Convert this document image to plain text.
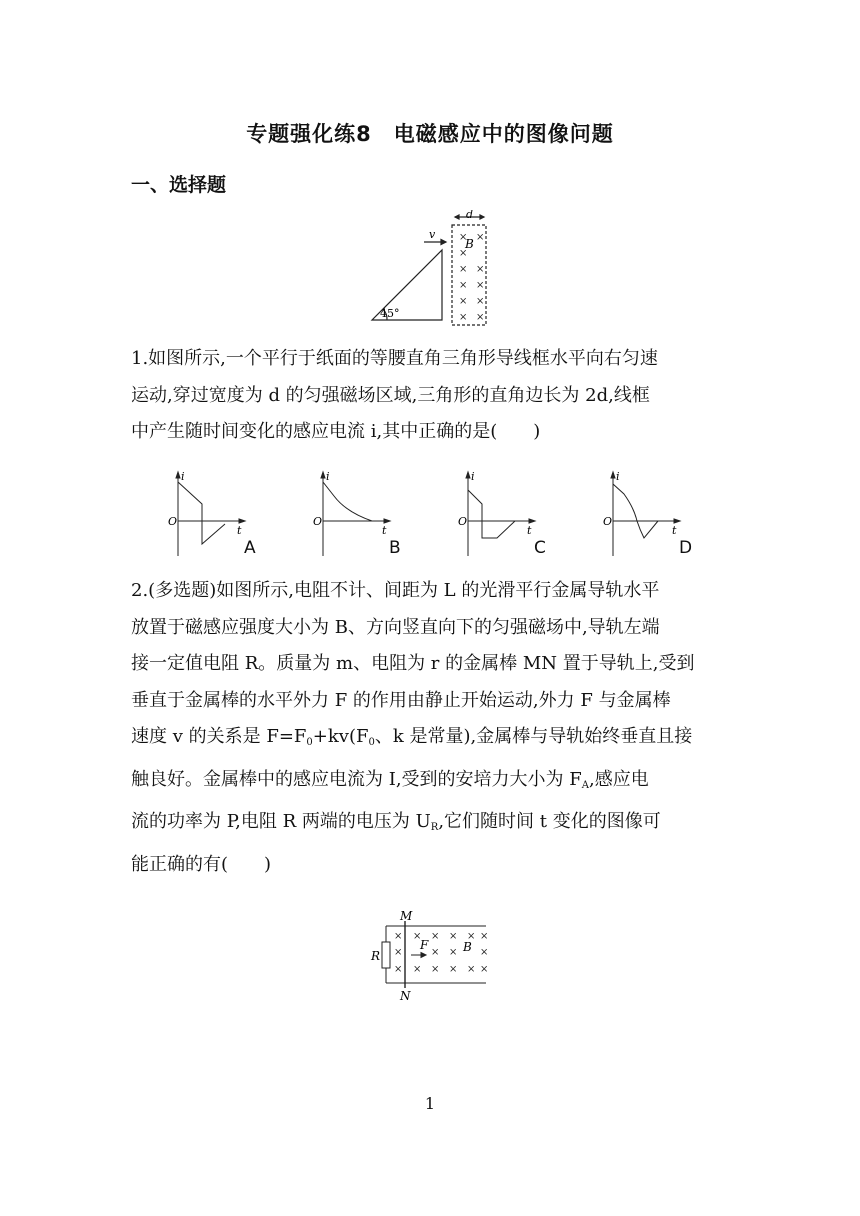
专题强化练8　电磁感应中的图像问题
一、选择题
× ×
×
× ×
× ×
× ×
× ×
v
d
B
45°

1.如图所示,一个平行于纸面的等腰直角三角形导线框水平向右匀速

运动,穿过宽度为 d 的匀强磁场区域,三角形的直角边长为 2d,线框

中产生随时间变化的感应电流 i,其中正确的是(　　)

i
t
O
A
i
t
O
B
i
t
O
C
i
t
O
D

2.(多选题)如图所示,电阻不计、间距为 L 的光滑平行金属导轨水平

放置于磁感应强度大小为 B、方向竖直向下的匀强磁场中,导轨左端

接一定值电阻 R。质量为 m、电阻为 r 的金属棒 MN 置于导轨上,受到

垂直于金属棒的水平外力 F 的作用由静止开始运动,外力 F 与金属棒

速度 v 的关系是 $F=F_0+kv(F_0$、k 是常量),金属棒与导轨始终垂直且接

触良好。金属棒中的感应电流为 I,受到的安培力大小为 $F_A$,感应电

流的功率为 P,电阻 R 两端的电压为 $U_R$,它们随时间 t 变化的图像可

能正确的有(　　)

× × × × × ×
×	× × ×
× × × × × ×
M
N
R
F	B
1
